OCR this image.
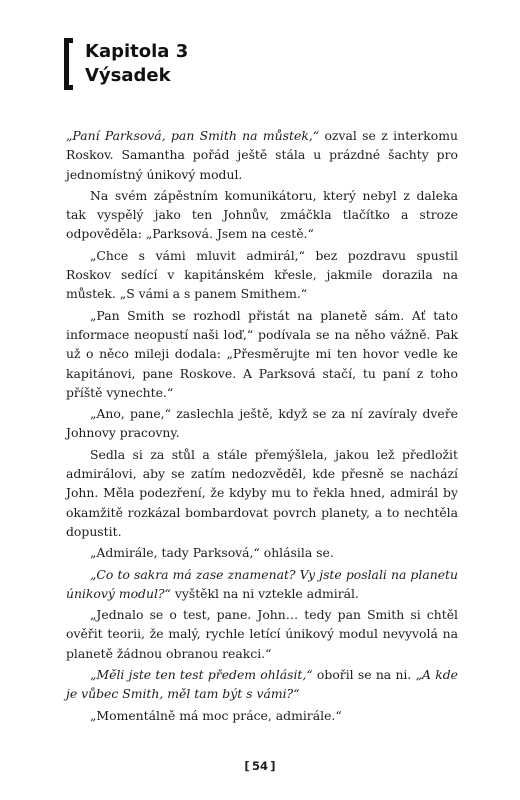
Kapitola 3
Výsadek

„Paní Parksová, pan Smith na můstek,“ ozval se z interkomu Roskov. Samantha pořád ještě stála u prázdné šachty pro jednomístný únikový modul.

Na svém zápěstním komunikátoru, který nebyl z daleka tak vyspělý jako ten Johnův, zmáčkla tlačítko a stroze odpověděla: „Parksová. Jsem na cestě.“

„Chce s vámi mluvit admirál,“ bez pozdravu spustil Roskov sedící v kapitánském křesle, jakmile dorazila na můstek. „S vámi a s panem Smithem.“

„Pan Smith se rozhodl přistát na planetě sám. Ať tato informace neopustí naši loď,“ podívala se na něho vážně. Pak už o něco mileji dodala: „Přesměrujte mi ten hovor vedle ke kapitánovi, pane Roskove. A Parksová stačí, tu paní z toho příště vynechte.“

„Ano, pane,“ zaslechla ještě, když se za ní zavíraly dveře Johnovy pracovny.

Sedla si za stůl a stále přemýšlela, jakou lež předložit admirálovi, aby se zatím nedozvěděl, kde přesně se nachází John. Měla podezření, že kdyby mu to řekla hned, admirál by okamžitě rozkázal bombardovat povrch planety, a to nechtěla dopustit.

„Admirále, tady Parksová,“ ohlásila se.

„Co to sakra má zase znamenat? Vy jste poslali na planetu únikový modul?“ vyštěkl na ni vztekle admirál.

„Jednalo se o test, pane. John… tedy pan Smith si chtěl ověřit teorii, že malý, rychle letící únikový modul nevyvolá na planetě žádnou obranou reakci.“

„Měli jste ten test předem ohlásit,“ obořil se na ni. „A kde je vůbec Smith, měl tam být s vámi?“

„Momentálně má moc práce, admirále.“

[  54  ]
